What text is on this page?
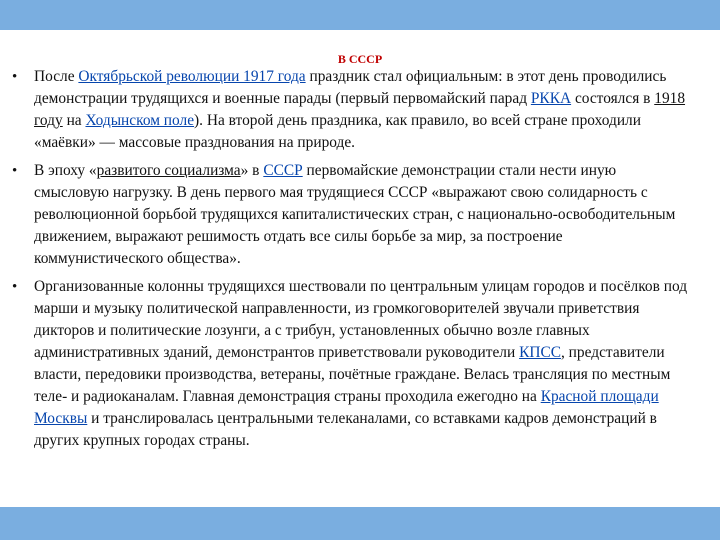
В СССР
• После Октябрьской революции 1917 года праздник стал официальным: в этот день проводились демонстрации трудящихся и военные парады (первый первомайский парад РККА состоялся в 1918 году на Ходынском поле). На второй день праздника, как правило, во всей стране проходили «маёвки» — массовые празднования на природе.
• В эпоху «развитого социализма» в СССР первомайские демонстрации стали нести иную смысловую нагрузку. В день первого мая трудящиеся СССР «выражают свою солидарность с революционной борьбой трудящихся капиталистических стран, с национально-освободительным движением, выражают решимость отдать все силы борьбе за мир, за построение коммунистического общества».
• Организованные колонны трудящихся шествовали по центральным улицам городов и посёлков под марши и музыку политической направленности, из громкоговорителей звучали приветствия дикторов и политические лозунги, а с трибун, установленных обычно возле главных административных зданий, демонстрантов приветствовали руководители КПСС, представители власти, передовики производства, ветераны, почётные граждане. Велась трансляция по местным теле- и радиоканалам. Главная демонстрация страны проходила ежегодно на Красной площади Москвы и транслировалась центральными телеканалами, со вставками кадров демонстраций в других крупных городах страны.
